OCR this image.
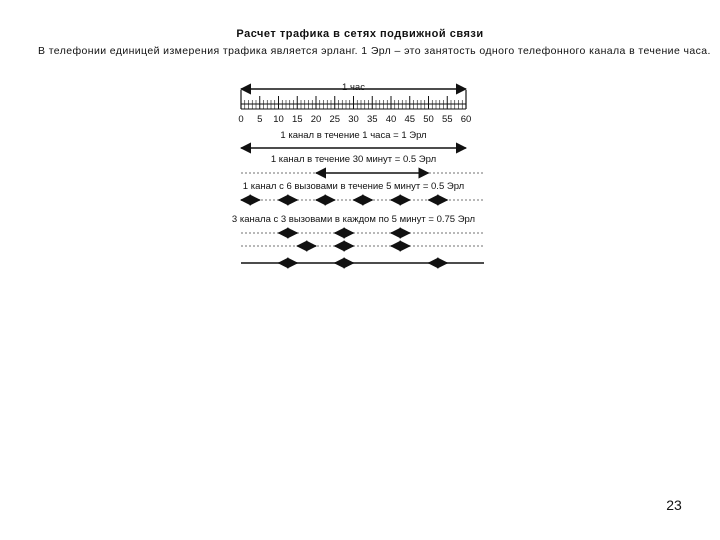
Расчет трафика в сетях подвижной связи
В телефонии единицей измерения трафика является эрланг. 1 Эрл – это занятость одного телефонного канала в течение часа.
1 час
0 5 10 15 20 25 30 35 40 45 50 55 60
1 канал в течение 1 часа = 1 Эрл
1 канал в течение 30 минут = 0.5 Эрл
1 канал с 6 вызовами в течение 5 минут = 0.5 Эрл
3 канала с 3 вызовами в каждом по 5 минут = 0.75 Эрл
23
